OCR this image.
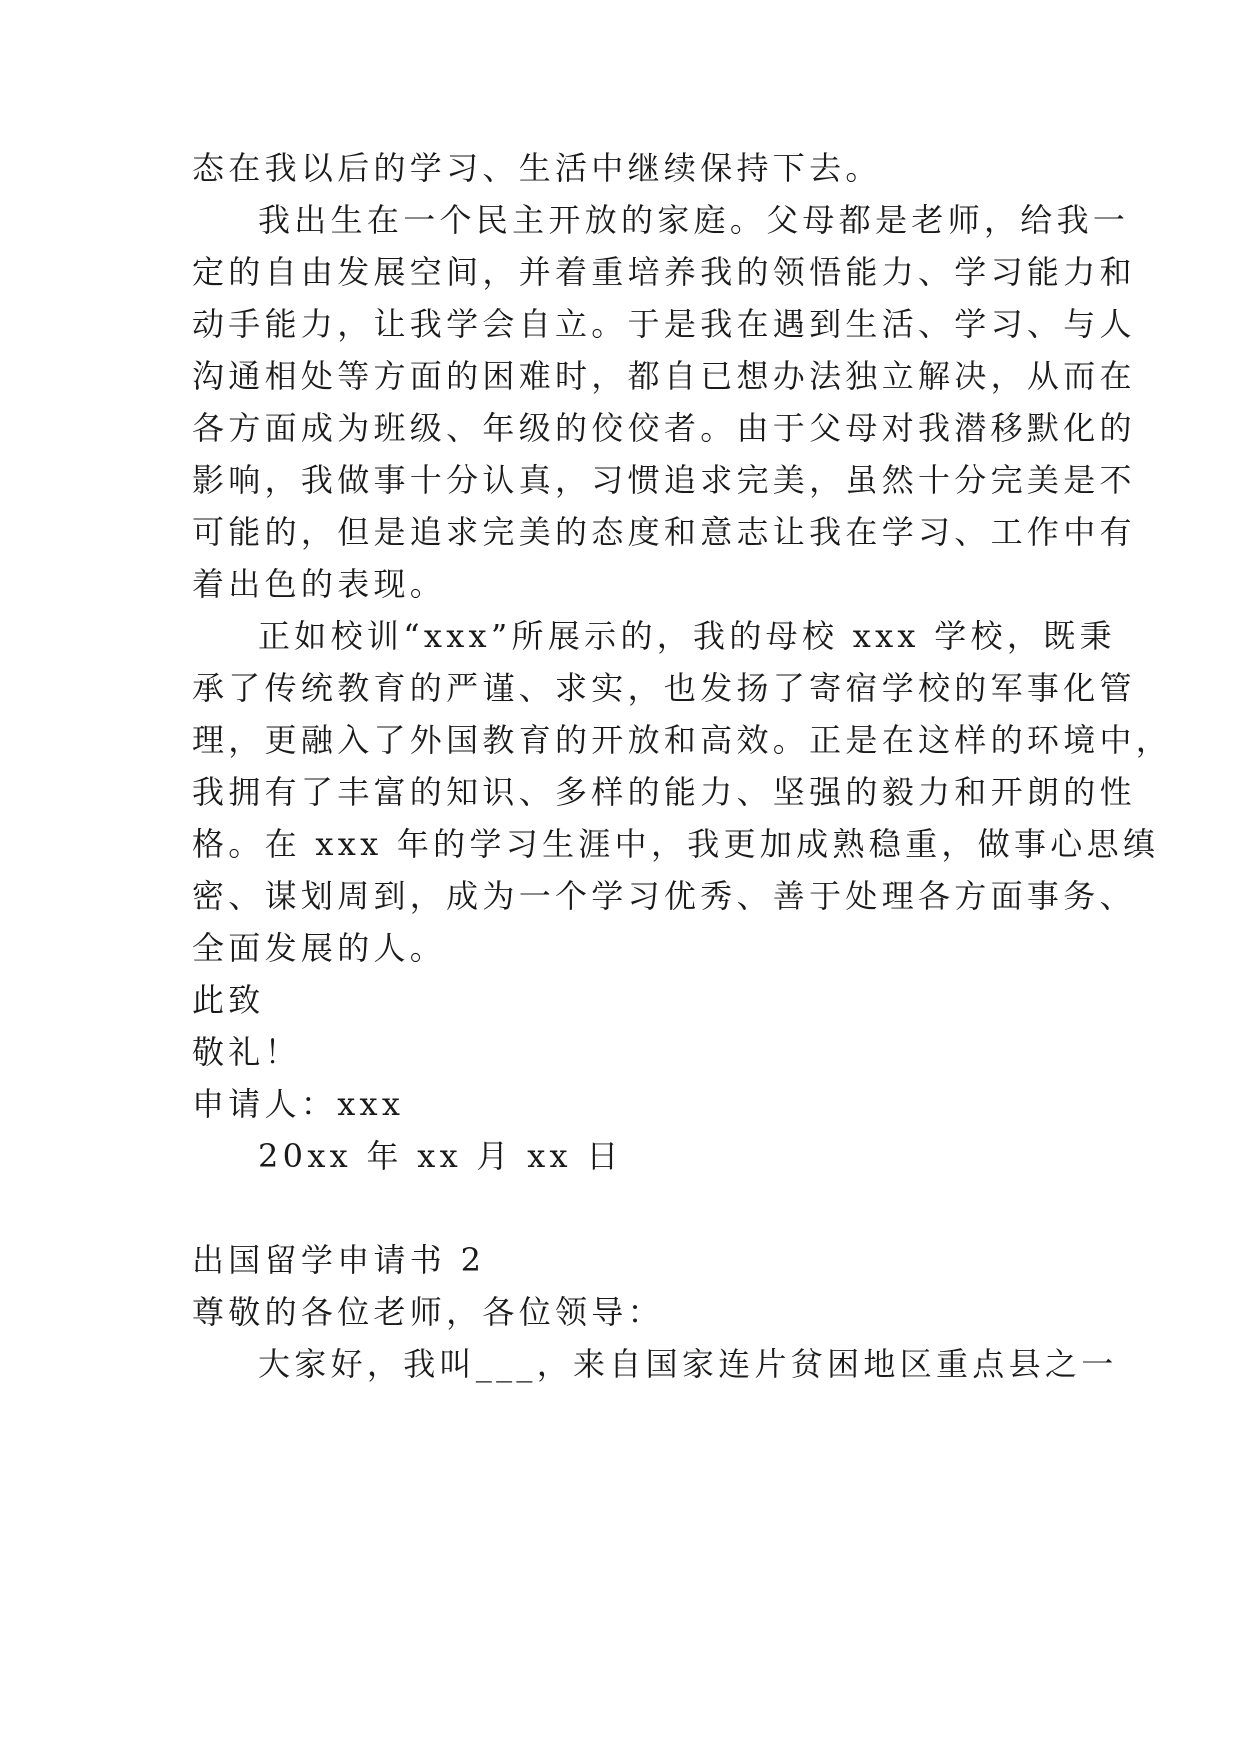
态在我以后的学习、生活中继续保持下去。
我出生在一个民主开放的家庭。父母都是老师，给我一
定的自由发展空间，并着重培养我的领悟能力、学习能力和
动手能力，让我学会自立。于是我在遇到生活、学习、与人
沟通相处等方面的困难时，都自已想办法独立解决，从而在
各方面成为班级、年级的佼佼者。由于父母对我潜移默化的
影响，我做事十分认真，习惯追求完美，虽然十分完美是不
可能的，但是追求完美的态度和意志让我在学习、工作中有
着出色的表现。
正如校训“xxx”所展示的，我的母校 xxx 学校，既秉
承了传统教育的严谨、求实，也发扬了寄宿学校的军事化管
理，更融入了外国教育的开放和高效。正是在这样的环境中，
我拥有了丰富的知识、多样的能力、坚强的毅力和开朗的性
格。在 xxx 年的学习生涯中，我更加成熟稳重，做事心思缜
密、谋划周到，成为一个学习优秀、善于处理各方面事务、
全面发展的人。
此致
敬礼！
申请人：xxx
20xx 年 xx 月 xx 日
出国留学申请书 2
尊敬的各位老师，各位领导：
大家好，我叫___，来自国家连片贫困地区重点县之一
